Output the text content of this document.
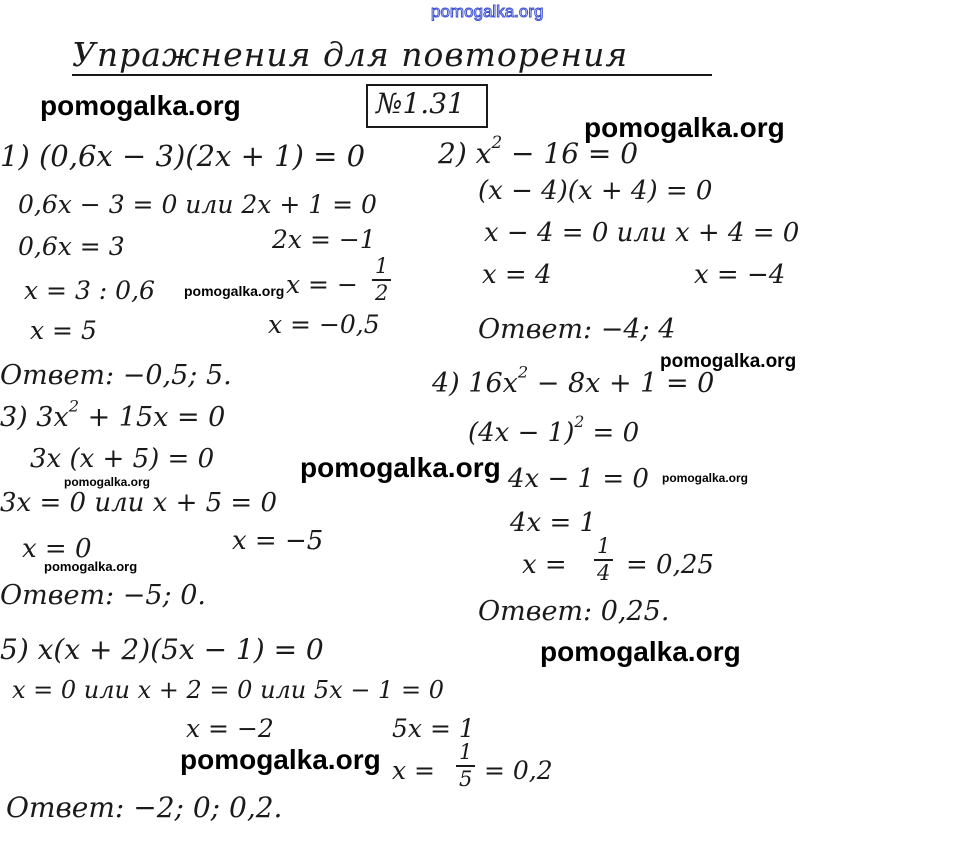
pomogalka.org
Упражнения для повторения
№1.31
1) (0,6x − 3)(2x + 1) = 0
0,6x − 3 = 0 или 2x + 1 = 0
0,6x = 3	2x = −1
x = 3 : 0,6	x = −
1
2
x = 5	x = −0,5
Ответ: −0,5; 5.
2) $x^2 - 16 = 0$
(x − 4)(x + 4) = 0
x − 4 = 0 или x + 4 = 0
x = 4	x = −4
Ответ: −4; 4
3) $3x^2 + 15x = 0$
3x (x + 5) = 0
3x = 0 или x + 5 = 0
x = 0	x = −5
Ответ: −5; 0.
4) $16x^2 - 8x + 1 = 0$
$(4x - 1)^2 = 0$
4x − 1 = 0
4x = 1
x =
1
4 = 0,25
Ответ: 0,25.
5) x(x + 2)(5x − 1) = 0
x = 0 или x + 2 = 0 или 5x − 1 = 0
x = −2	5x = 1
x =
1
5 = 0,2
Ответ: −2; 0; 0,2.
pomogalka.org
pomogalka.org
pomogalka.org
pomogalka.org
pomogalka.org	pomogalka.org
pomogalka.org
pomogalka.org
pomogalka.org
pomogalka.org
